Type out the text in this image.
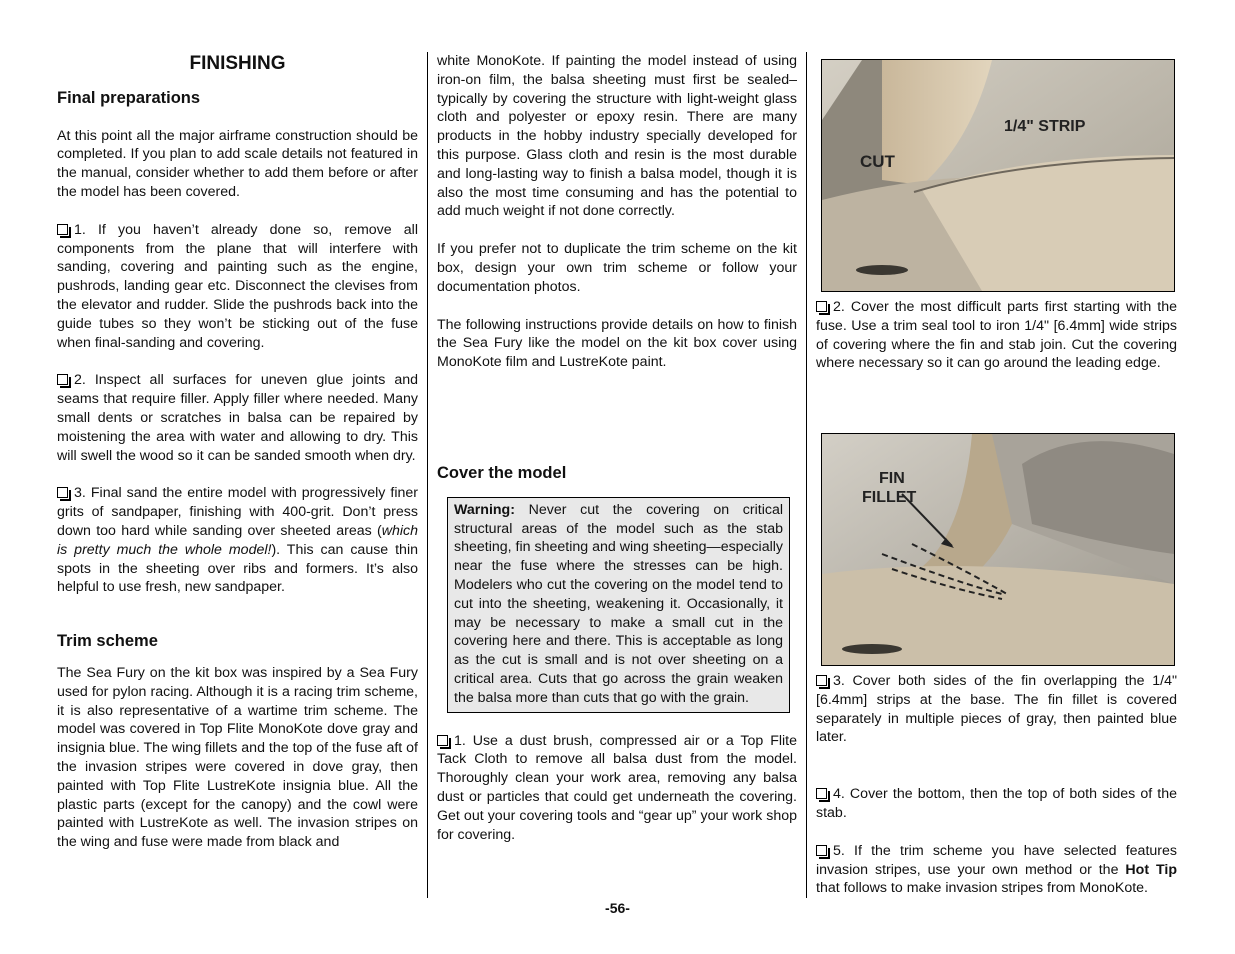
FINISHING
Final preparations

At this point all the major airframe construction should be completed. If you plan to add scale details not featured in the manual, consider whether to add them before or after the model has been covered.

1. If you haven’t already done so, remove all components from the plane that will interfere with sanding, covering and painting such as the engine, pushrods, landing gear etc. Disconnect the clevises from the elevator and rudder. Slide the pushrods back into the guide tubes so they won’t be sticking out of the fuse when final-sanding and covering.

2. Inspect all surfaces for uneven glue joints and seams that require filler. Apply filler where needed. Many small dents or scratches in balsa can be repaired by moistening the area with water and allowing to dry. This will swell the wood so it can be sanded smooth when dry.

3. Final sand the entire model with progressively finer grits of sandpaper, finishing with 400-grit. Don’t press down too hard while sanding over sheeted areas (which is pretty much the whole model!). This can cause thin spots in the sheeting over ribs and formers. It’s also helpful to use fresh, new sandpaper.

Trim scheme

The Sea Fury on the kit box was inspired by a Sea Fury used for pylon racing. Although it is a racing trim scheme, it is also representative of a wartime trim scheme. The model was covered in Top Flite MonoKote dove gray and insignia blue. The wing fillets and the top of the fuse aft of the invasion stripes were covered in dove gray, then painted with Top Flite LustreKote insignia blue. All the plastic parts (except for the canopy) and the cowl were painted with LustreKote as well. The invasion stripes on the wing and fuse were made from black and

white MonoKote. If painting the model instead of using iron-on film, the balsa sheeting must first be sealed–typically by covering the structure with light-weight glass cloth and polyester or epoxy resin. There are many products in the hobby industry specially developed for this purpose. Glass cloth and resin is the most durable and long-lasting way to finish a balsa model, though it is also the most time consuming and has the potential to add much weight if not done correctly.

If you prefer not to duplicate the trim scheme on the kit box, design your own trim scheme or follow your documentation photos.

The following instructions provide details on how to finish the Sea Fury like the model on the kit box cover using MonoKote film and LustreKote paint.

Cover the model

Warning: Never cut the covering on critical structural areas of the model such as the stab sheeting, fin sheeting and wing sheeting—especially near the fuse where the stresses can be high. Modelers who cut the covering on the model tend to cut into the sheeting, weakening it. Occasionally, it may be necessary to make a small cut in the covering here and there. This is acceptable as long as the cut is small and is not over sheeting on a critical area. Cuts that go across the grain weaken the balsa more than cuts that go with the grain.

1. Use a dust brush, compressed air or a Top Flite Tack Cloth to remove all balsa dust from the model. Thoroughly clean your work area, removing any balsa dust or particles that could get underneath the covering. Get out your covering tools and “gear up” your work shop for covering.

1/4" STRIP
CUT

2. Cover the most difficult parts first starting with the fuse. Use a trim seal tool to iron 1/4" [6.4mm] wide strips of covering where the fin and stab join. Cut the covering where necessary so it can go around the leading edge.

FIN
FILLET

3. Cover both sides of the fin overlapping the 1/4" [6.4mm] strips at the base. The fin fillet is covered separately in multiple pieces of gray, then painted blue later.

4. Cover the bottom, then the top of both sides of the stab.

5. If the trim scheme you have selected features invasion stripes, use your own method or the Hot Tip that follows to make invasion stripes from MonoKote.

-56-
